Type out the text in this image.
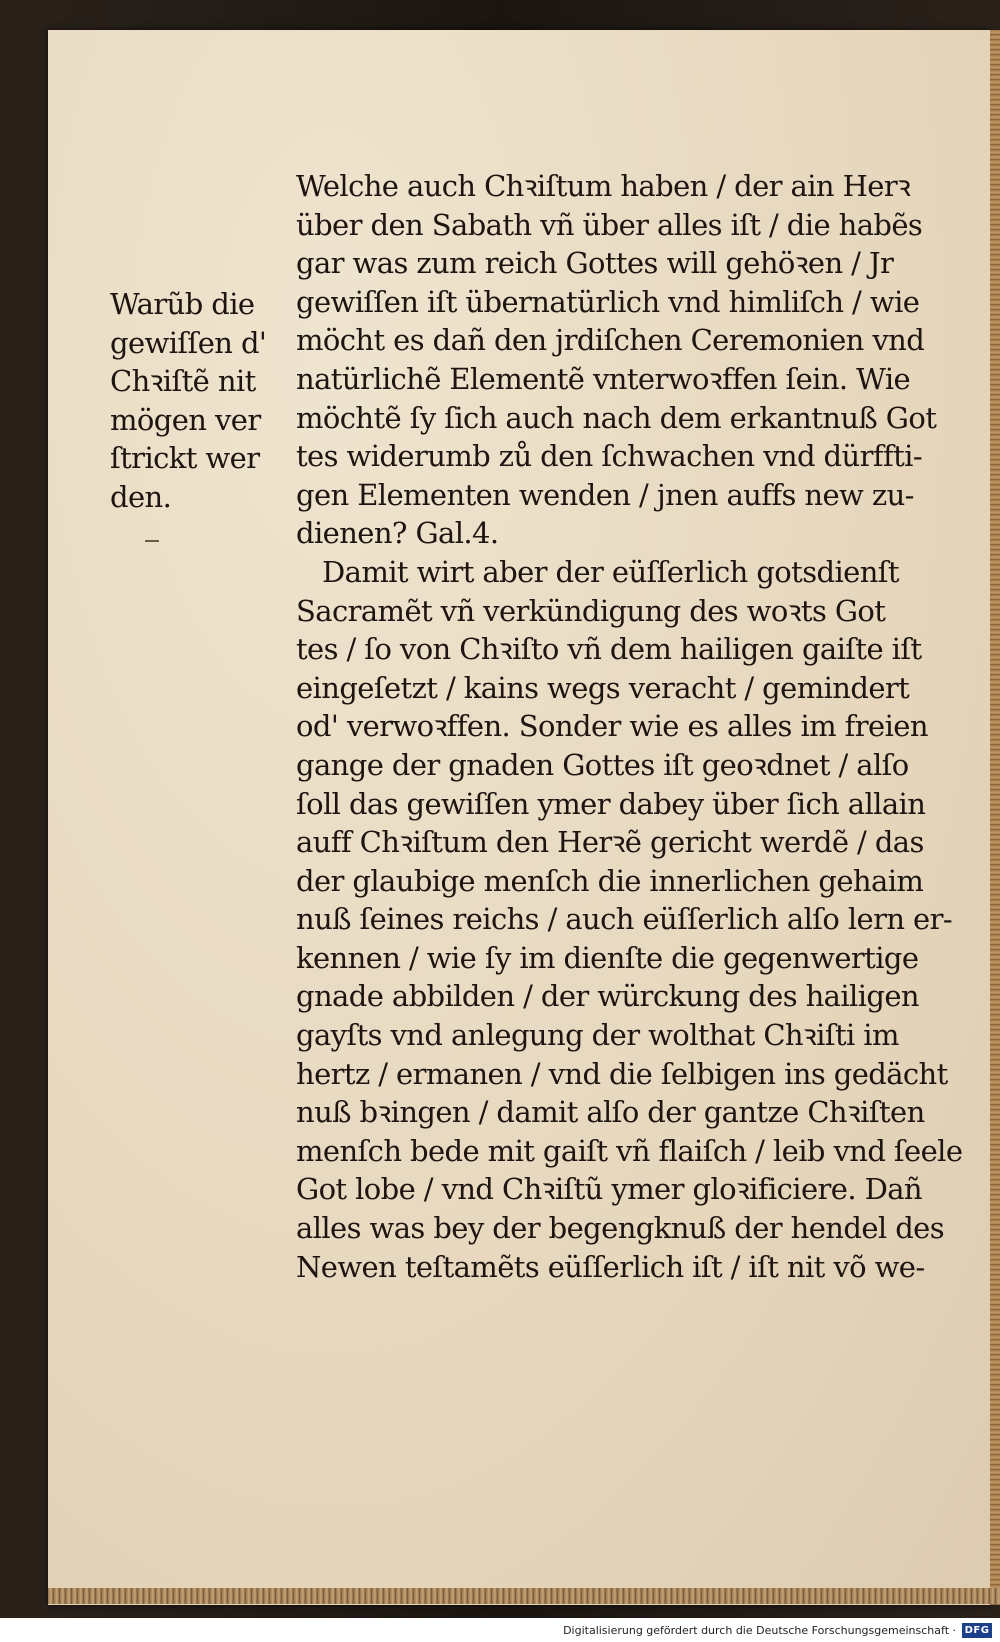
Warũb die
gewiſſen d'
Chꝛiſtẽ nit
mögen ver
ſtrickt wer
den.
Welche auch Chꝛiſtum haben / der ain Herꝛ
über den Sabath vñ über alles iſt / die habẽs
gar was zum reich Gottes will gehöꝛen / Jr
gewiſſen iſt übernatürlich vnd himliſch / wie
möcht es dañ den jrdiſchen Ceremonien vnd
natürlichẽ Elementẽ vnterwoꝛffen ſein. Wie
möchtẽ ſy ſich auch nach dem erkantnuß Got
tes widerumb zů den ſchwachen vnd dürffti-
gen Elementen wenden / jnen auffs new zu-
dienen? Gal.4.
Damit wirt aber der eüſſerlich gotsdienſt
Sacramẽt vñ verkündigung des woꝛts Got
tes / ſo von Chꝛiſto vñ dem hailigen gaiſte iſt
eingeſetzt / kains wegs veracht / gemindert
od' verwoꝛffen. Sonder wie es alles im freien
gange der gnaden Gottes iſt geoꝛdnet / alſo
ſoll das gewiſſen ymer dabey über ſich allain
auff Chꝛiſtum den Herꝛẽ gericht werdẽ / das
der glaubige menſch die innerlichen gehaim
nuß ſeines reichs / auch eüſſerlich alſo lern er-
kennen / wie ſy im dienſte die gegenwertige
gnade abbilden / der würckung des hailigen
gayſts vnd anlegung der wolthat Chꝛiſti im
hertz / ermanen / vnd die ſelbigen ins gedächt
nuß bꝛingen / damit alſo der gantze Chꝛiſten
menſch bede mit gaiſt vñ flaiſch / leib vnd ſeele
Got lobe / vnd Chꝛiſtũ ymer gloꝛificiere. Dañ
alles was bey der begengknuß der hendel des
Newen teſtamẽts eüſſerlich iſt / iſt nit võ we-
Digitalisierung gefördert durch die Deutsche Forschungsgemeinschaft · DFG
